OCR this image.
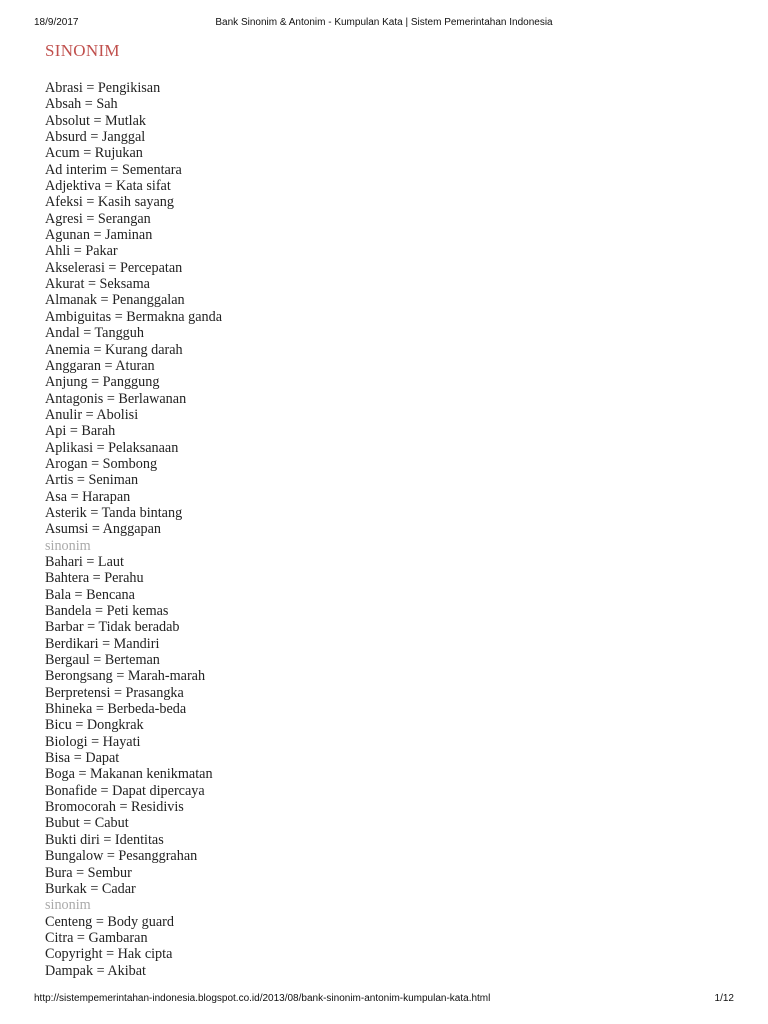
18/9/2017	Bank Sinonim & Antonim - Kumpulan Kata | Sistem Pemerintahan Indonesia
SINONIM
Abrasi = Pengikisan
Absah = Sah
Absolut = Mutlak
Absurd = Janggal
Acum = Rujukan
Ad interim = Sementara
Adjektiva = Kata sifat
Afeksi = Kasih sayang
Agresi = Serangan
Agunan = Jaminan
Ahli = Pakar
Akselerasi = Percepatan
Akurat = Seksama
Almanak = Penanggalan
Ambiguitas = Bermakna ganda
Andal = Tangguh
Anemia = Kurang darah
Anggaran = Aturan
Anjung = Panggung
Antagonis = Berlawanan
Anulir = Abolisi
Api = Barah
Aplikasi = Pelaksanaan
Arogan = Sombong
Artis = Seniman
Asa = Harapan
Asterik = Tanda bintang
Asumsi = Anggapan
sinonim
Bahari = Laut
Bahtera = Perahu
Bala = Bencana
Bandela = Peti kemas
Barbar = Tidak beradab
Berdikari = Mandiri
Bergaul = Berteman
Berongsang = Marah-marah
Berpretensi = Prasangka
Bhineka = Berbeda-beda
Bicu = Dongkrak
Biologi = Hayati
Bisa = Dapat
Boga = Makanan kenikmatan
Bonafide = Dapat dipercaya
Bromocorah = Residivis
Bubut = Cabut
Bukti diri = Identitas
Bungalow = Pesanggrahan
Bura = Sembur
Burkak = Cadar
sinonim
Centeng = Body guard
Citra = Gambaran
Copyright = Hak cipta
Dampak = Akibat
http://sistempemerintahan-indonesia.blogspot.co.id/2013/08/bank-sinonim-antonim-kumpulan-kata.html	1/12
